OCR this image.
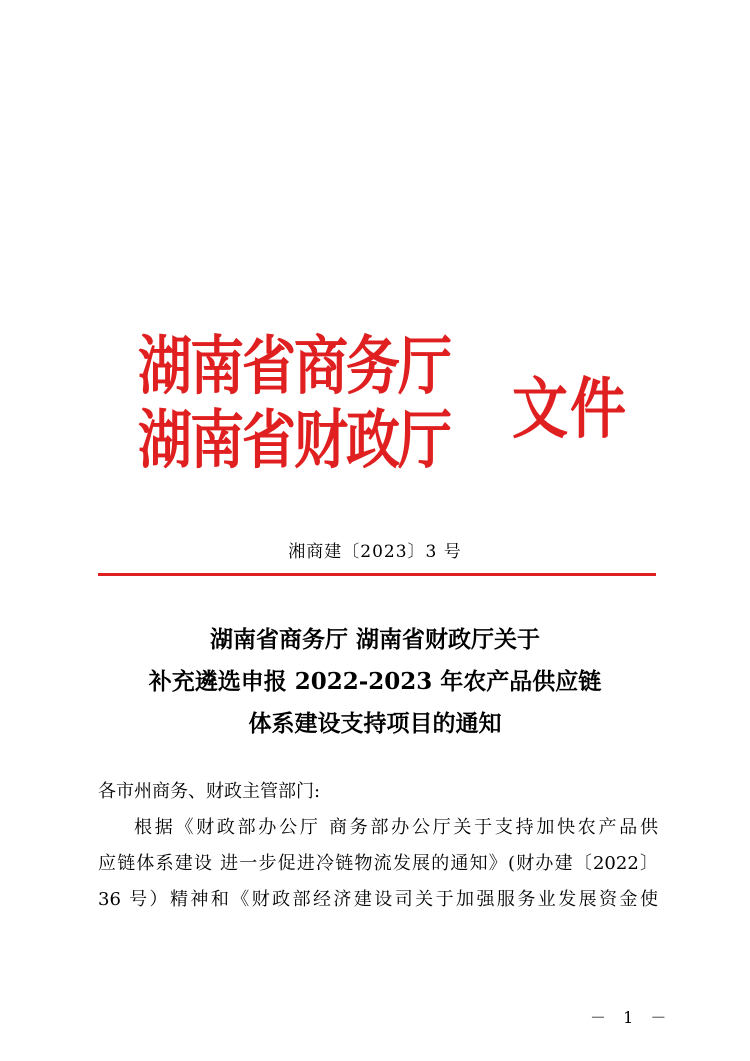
湖南省商务厅
湖南省财政厅	文件
湘商建〔2023〕3 号
湖南省商务厅 湖南省财政厅关于
补充遴选申报 2022-2023 年农产品供应链
体系建设支持项目的通知
各市州商务、财政主管部门:
根据《财政部办公厅 商务部办公厅关于支持加快农产品供
应链体系建设 进一步促进冷链物流发展的通知》(财办建〔2022〕
36 号）精神和《财政部经济建设司关于加强服务业发展资金使
－ 1 －
